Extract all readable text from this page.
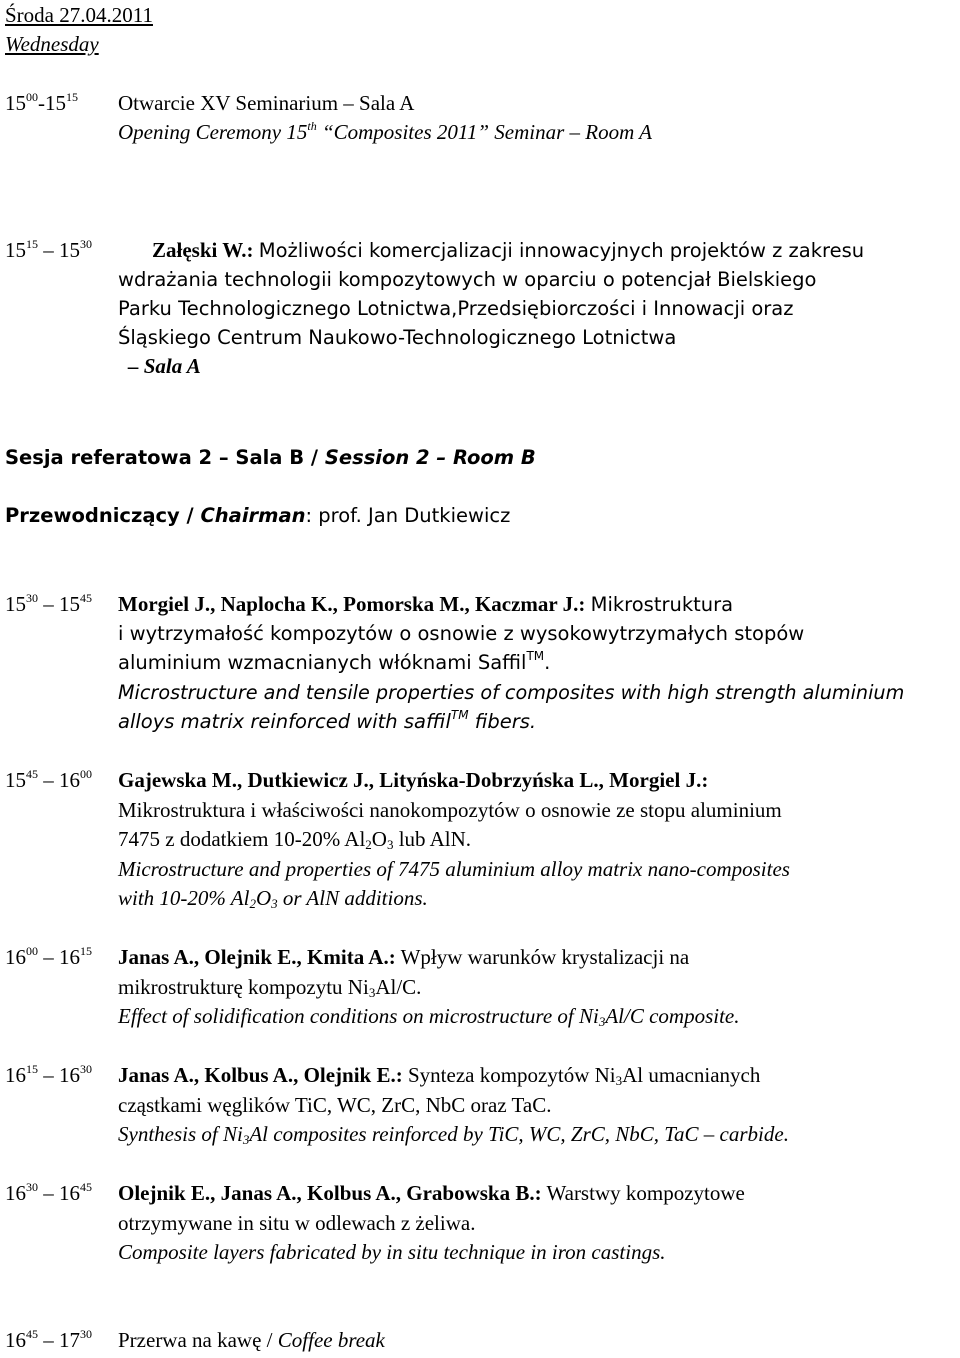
Środa 27.04.2011
Wednesday
$15^{00}-15^{15}$ Otwarcie XV Seminarium – Sala A
Opening Ceremony 15th “Composites 2011” Seminar – Room A
$15^{15} - 15^{30}$	Załęski W.: Możliwości komercjalizacji innowacyjnych projektów z zakresu
wdrażania technologii kompozytowych w oparciu o potencjał Bielskiego
Parku Technologicznego Lotnictwa,Przedsiębiorczości i Innowacji oraz
Śląskiego Centrum Naukowo-Technologicznego Lotnictwa
– Sala A
Sesja referatowa 2 – Sala B / Session 2 – Room B
Przewodniczący / Chairman: prof. Jan Dutkiewicz
$15^{30} - 15^{45}$ Morgiel J., Naplocha K., Pomorska M., Kaczmar J.: Mikrostruktura
i wytrzymałość kompozytów o osnowie z wysokowytrzymałych stopów
aluminium wzmacnianych włóknami Saffil™.
Microstructure and tensile properties of composites with high strength aluminium
alloys matrix reinforced with saffil™ fibers.
$15^{45} - 16^{00}$ Gajewska M., Dutkiewicz J., Lityńska-Dobrzyńska L., Morgiel J.:
Mikrostruktura i właściwości nanokompozytów o osnowie ze stopu aluminium
7475 z dodatkiem 10-20% $Al_2O_3$ lub AlN.
Microstructure and properties of 7475 aluminium alloy matrix nano-composites
with 10-20% $Al_2O_3$ or AlN additions.
$16^{00} - 16^{15}$ Janas A., Olejnik E., Kmita A.: Wpływ warunków krystalizacji na
mikrostrukturę kompozytu $Ni_3Al/C$.
Effect of solidification conditions on microstructure of $Ni_3Al/C$ composite.
$16^{15} - 16^{30}$ Janas A., Kolbus A., Olejnik E.: Synteza kompozytów $Ni_3Al$ umacnianych
cząstkami węglików TiC, WC, ZrC, NbC oraz TaC.
Synthesis of $Ni_3Al$ composites reinforced by TiC, WC, ZrC, NbC, TaC – carbide.
$16^{30} - 16^{45}$ Olejnik E., Janas A., Kolbus A., Grabowska B.: Warstwy kompozytowe
otrzymywane in situ w odlewach z żeliwa.
Composite layers fabricated by in situ technique in iron castings.
$16^{45} - 17^{30}$ Przerwa na kawę / Coffee break
